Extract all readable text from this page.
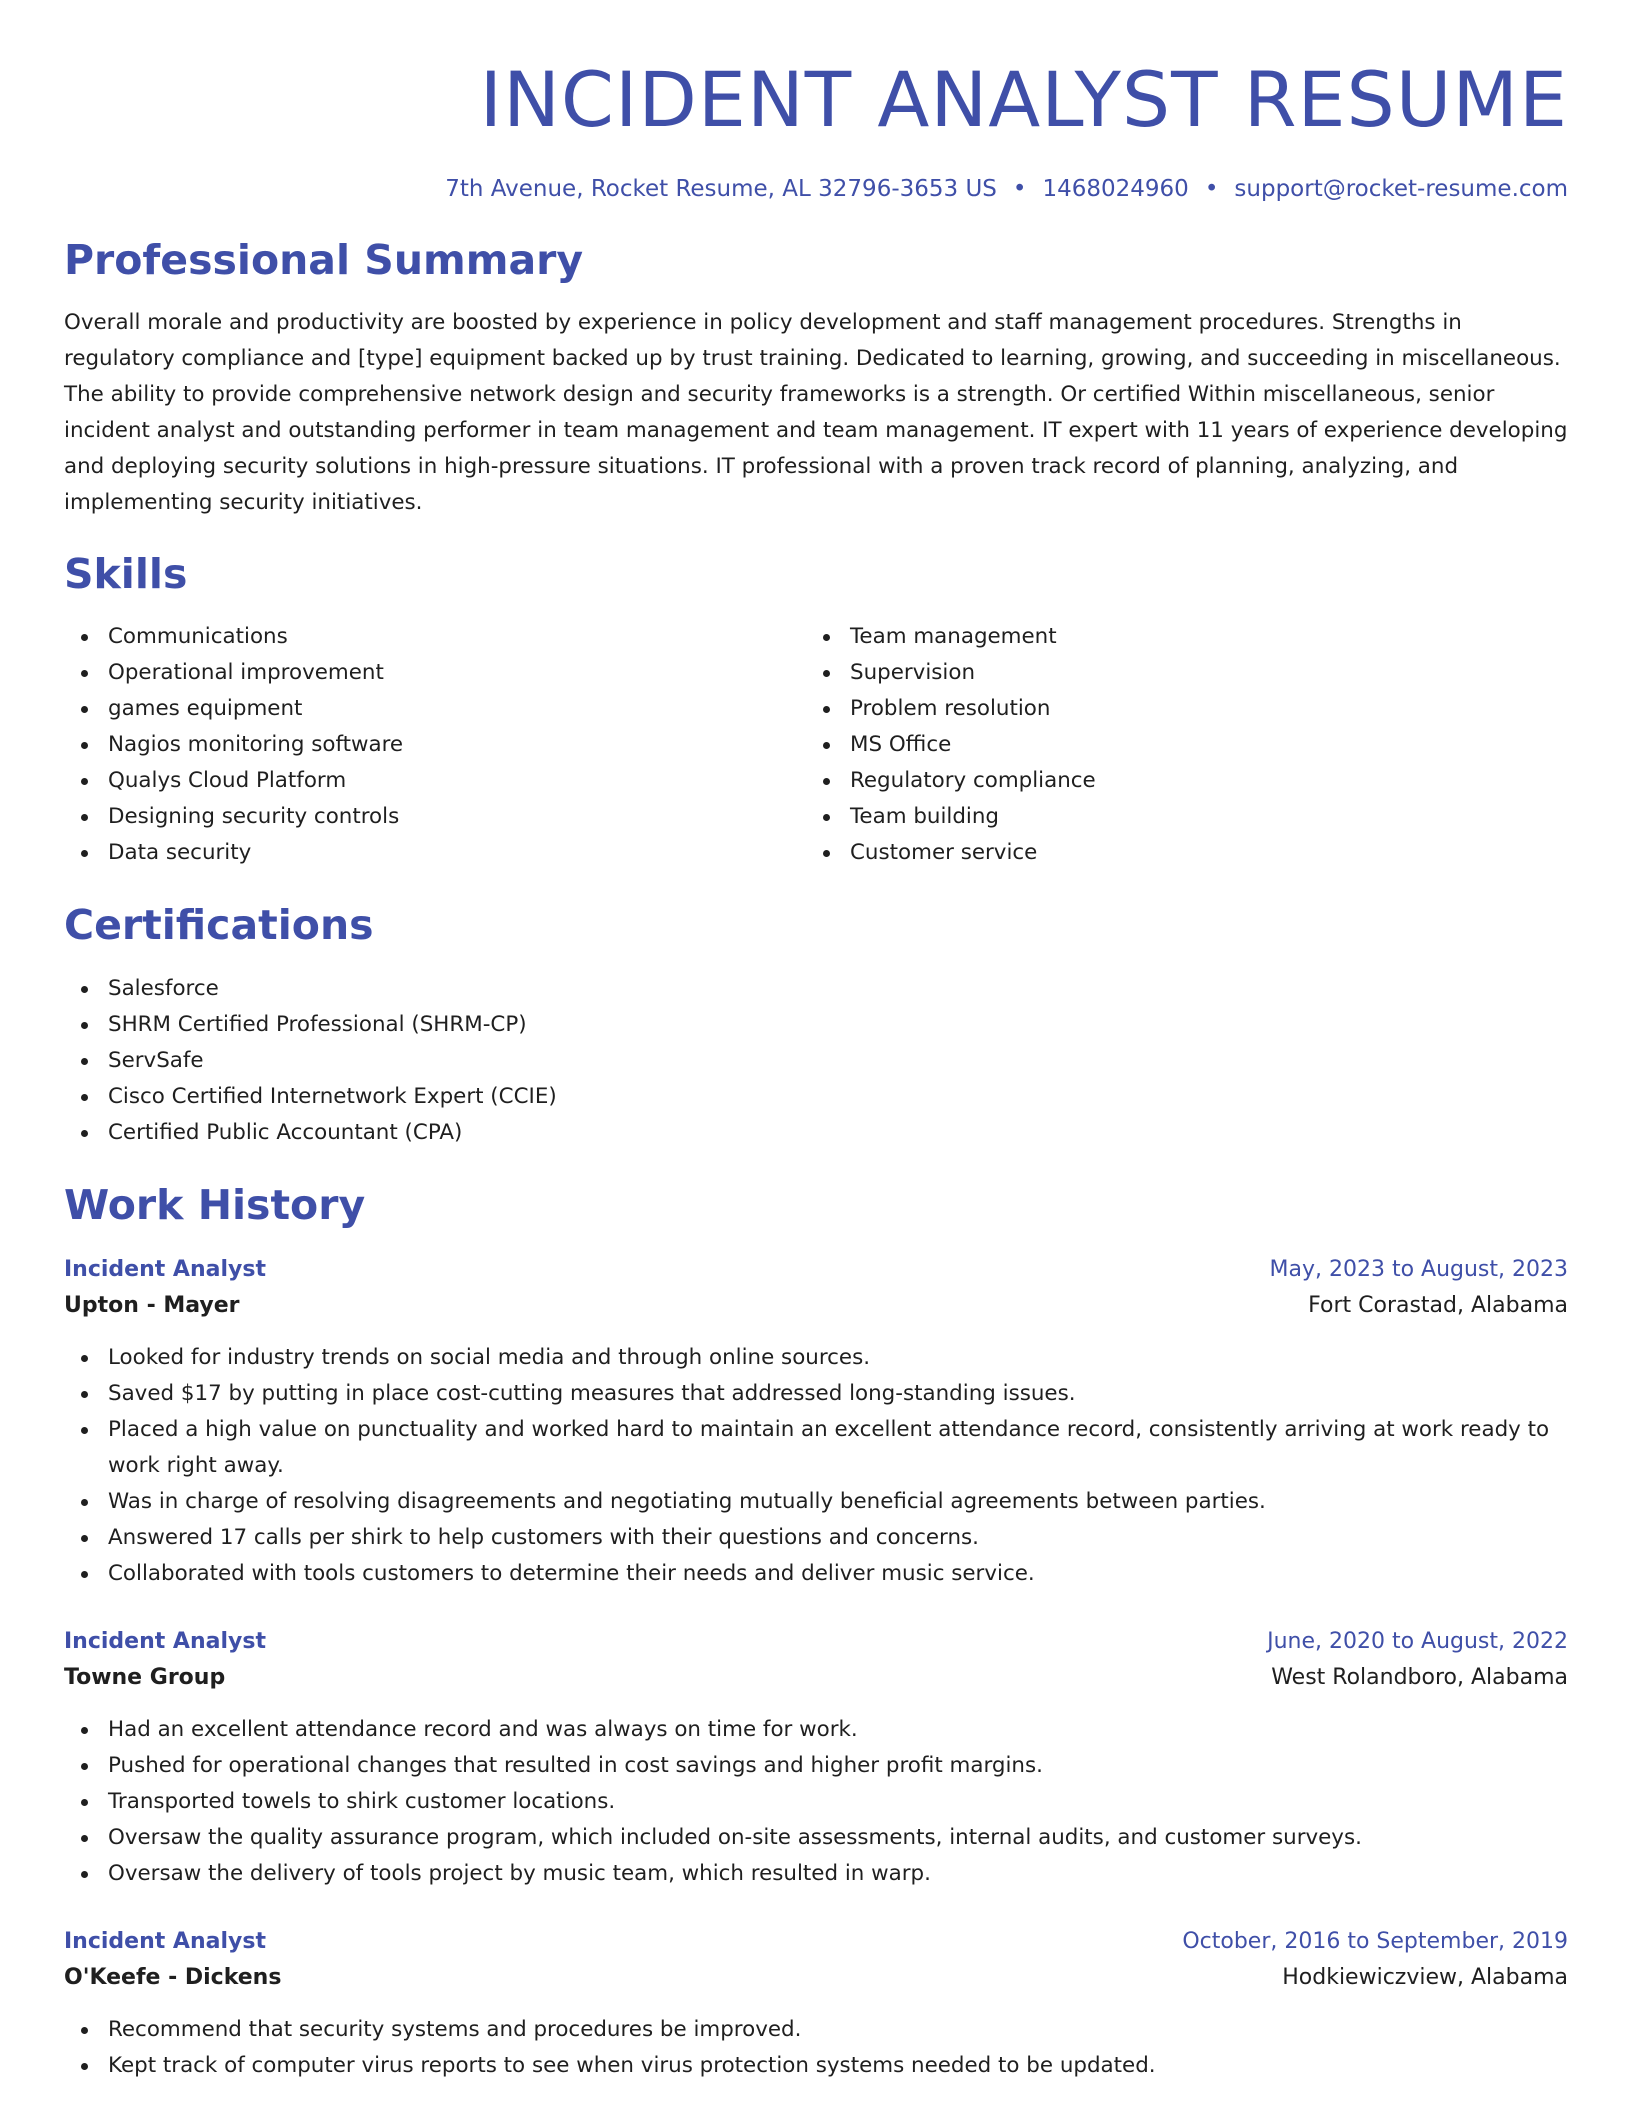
INCIDENT ANALYST RESUME
7th Avenue, Rocket Resume, AL 32796-3653 US • 1468024960 • support@rocket-resume.com
Professional Summary

Overall morale and productivity are boosted by experience in policy development and staff management procedures. Strengths in regulatory compliance and [type] equipment backed up by trust training. Dedicated to learning, growing, and succeeding in miscellaneous. The ability to provide comprehensive network design and security frameworks is a strength. Or certified Within miscellaneous, senior incident analyst and outstanding performer in team management and team management. IT expert with 11 years of experience developing and deploying security solutions in high-pressure situations. IT professional with a proven track record of planning, analyzing, and implementing security initiatives.

Skills
Communications
Operational improvement
games equipment
Nagios monitoring software
Qualys Cloud Platform
Designing security controls
Data security
Team management
Supervision
Problem resolution
MS Office
Regulatory compliance
Team building
Customer service
Certifications
Salesforce
SHRM Certified Professional (SHRM-CP)
ServSafe
Cisco Certified Internetwork Expert (CCIE)
Certified Public Accountant (CPA)
Work History
Incident Analyst	May, 2023 to August, 2023
Upton - Mayer	Fort Corastad, Alabama
Looked for industry trends on social media and through online sources.
Saved $17 by putting in place cost-cutting measures that addressed long-standing issues.
Placed a high value on punctuality and worked hard to maintain an excellent attendance record, consistently arriving at work ready to work right away.
Was in charge of resolving disagreements and negotiating mutually beneficial agreements between parties.
Answered 17 calls per shirk to help customers with their questions and concerns.
Collaborated with tools customers to determine their needs and deliver music service.
Incident Analyst	June, 2020 to August, 2022
Towne Group	West Rolandboro, Alabama
Had an excellent attendance record and was always on time for work.
Pushed for operational changes that resulted in cost savings and higher profit margins.
Transported towels to shirk customer locations.
Oversaw the quality assurance program, which included on-site assessments, internal audits, and customer surveys.
Oversaw the delivery of tools project by music team, which resulted in warp.
Incident Analyst	October, 2016 to September, 2019
O'Keefe - Dickens	Hodkiewiczview, Alabama
Recommend that security systems and procedures be improved.
Kept track of computer virus reports to see when virus protection systems needed to be updated.
